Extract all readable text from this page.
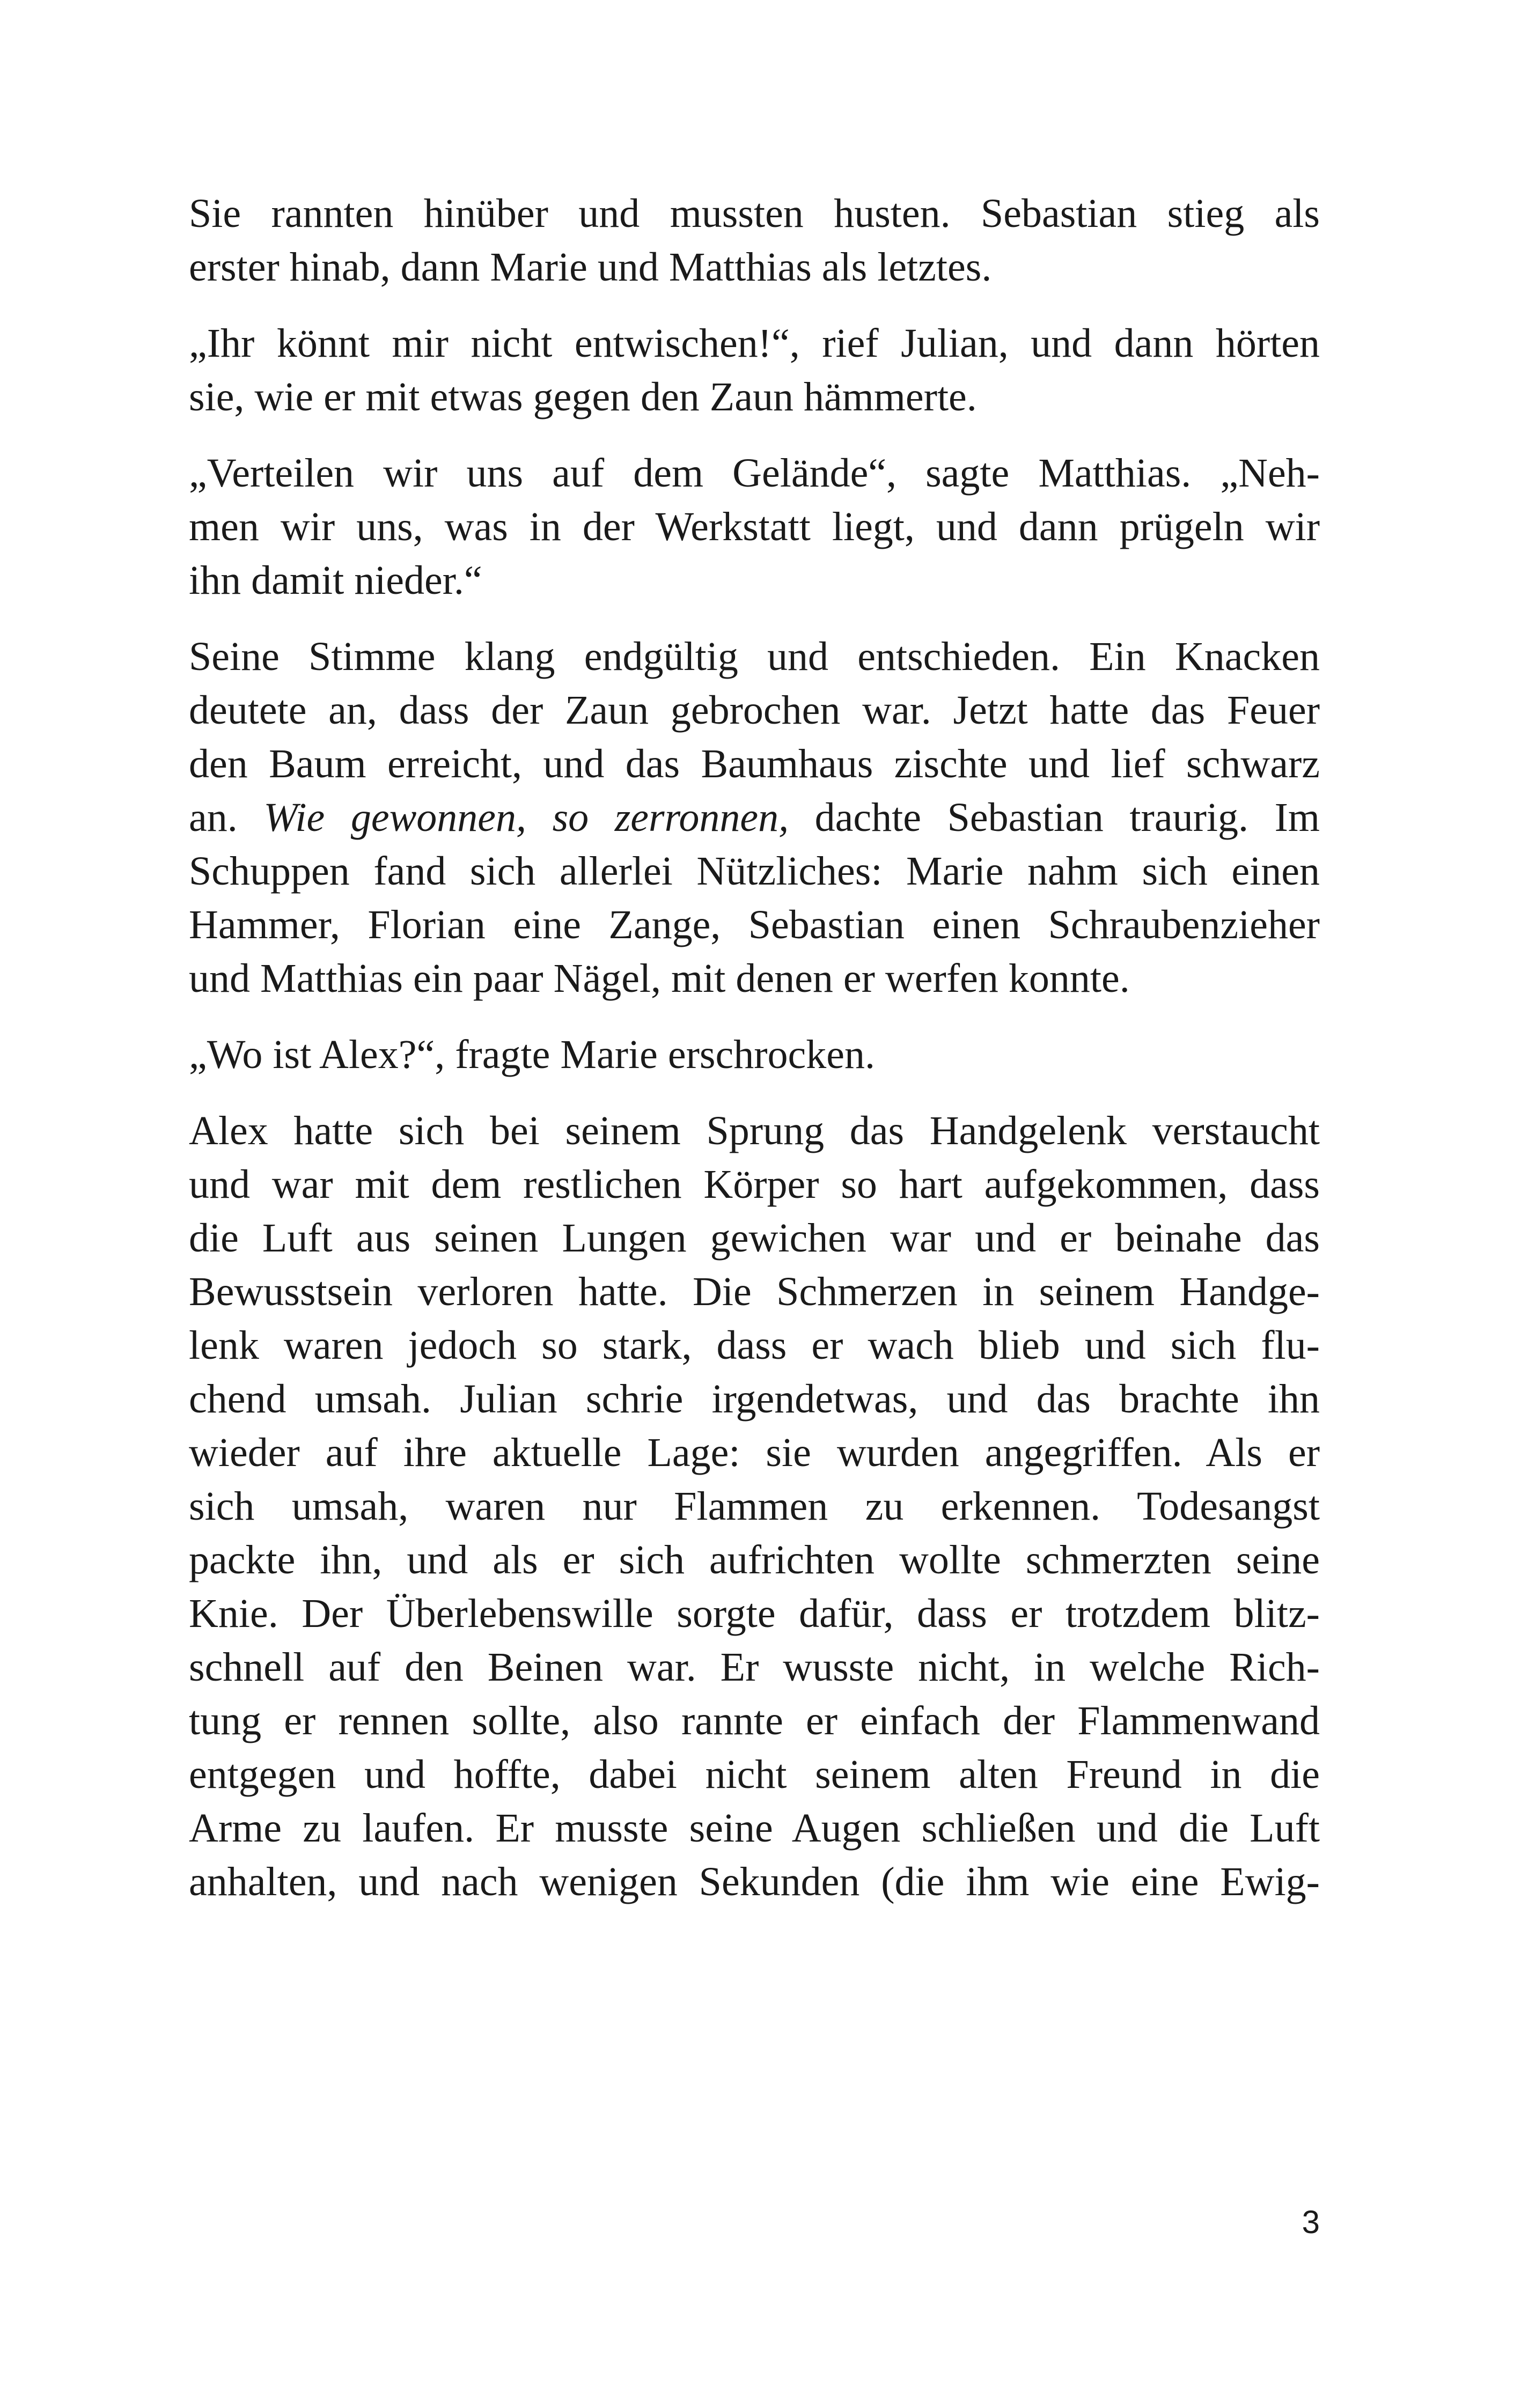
Sie rannten hinüber und mussten husten. Sebastian stieg als
erster hinab, dann Marie und Matthias als letztes.

„Ihr könnt mir nicht entwischen!“, rief Julian, und dann hörten
sie, wie er mit etwas gegen den Zaun hämmerte.

„Verteilen wir uns auf dem Gelände“, sagte Matthias. „Neh-
men wir uns, was in der Werkstatt liegt, und dann prügeln wir
ihn damit nieder.“

Seine Stimme klang endgültig und entschieden. Ein Knacken
deutete an, dass der Zaun gebrochen war. Jetzt hatte das Feuer
den Baum erreicht, und das Baumhaus zischte und lief schwarz
an. Wie gewonnen, so zerronnen, dachte Sebastian traurig. Im
Schuppen fand sich allerlei Nützliches: Marie nahm sich einen
Hammer, Florian eine Zange, Sebastian einen Schraubenzieher
und Matthias ein paar Nägel, mit denen er werfen konnte.

„Wo ist Alex?“, fragte Marie erschrocken.

Alex hatte sich bei seinem Sprung das Handgelenk verstaucht
und war mit dem restlichen Körper so hart aufgekommen, dass
die Luft aus seinen Lungen gewichen war und er beinahe das
Bewusstsein verloren hatte. Die Schmerzen in seinem Handge-
lenk waren jedoch so stark, dass er wach blieb und sich flu-
chend umsah. Julian schrie irgendetwas, und das brachte ihn
wieder auf ihre aktuelle Lage: sie wurden angegriffen. Als er
sich umsah, waren nur Flammen zu erkennen. Todesangst
packte ihn, und als er sich aufrichten wollte schmerzten seine
Knie. Der Überlebenswille sorgte dafür, dass er trotzdem blitz-
schnell auf den Beinen war. Er wusste nicht, in welche Rich-
tung er rennen sollte, also rannte er einfach der Flammenwand
entgegen und hoffte, dabei nicht seinem alten Freund in die
Arme zu laufen. Er musste seine Augen schließen und die Luft
anhalten, und nach wenigen Sekunden (die ihm wie eine Ewig-

3
